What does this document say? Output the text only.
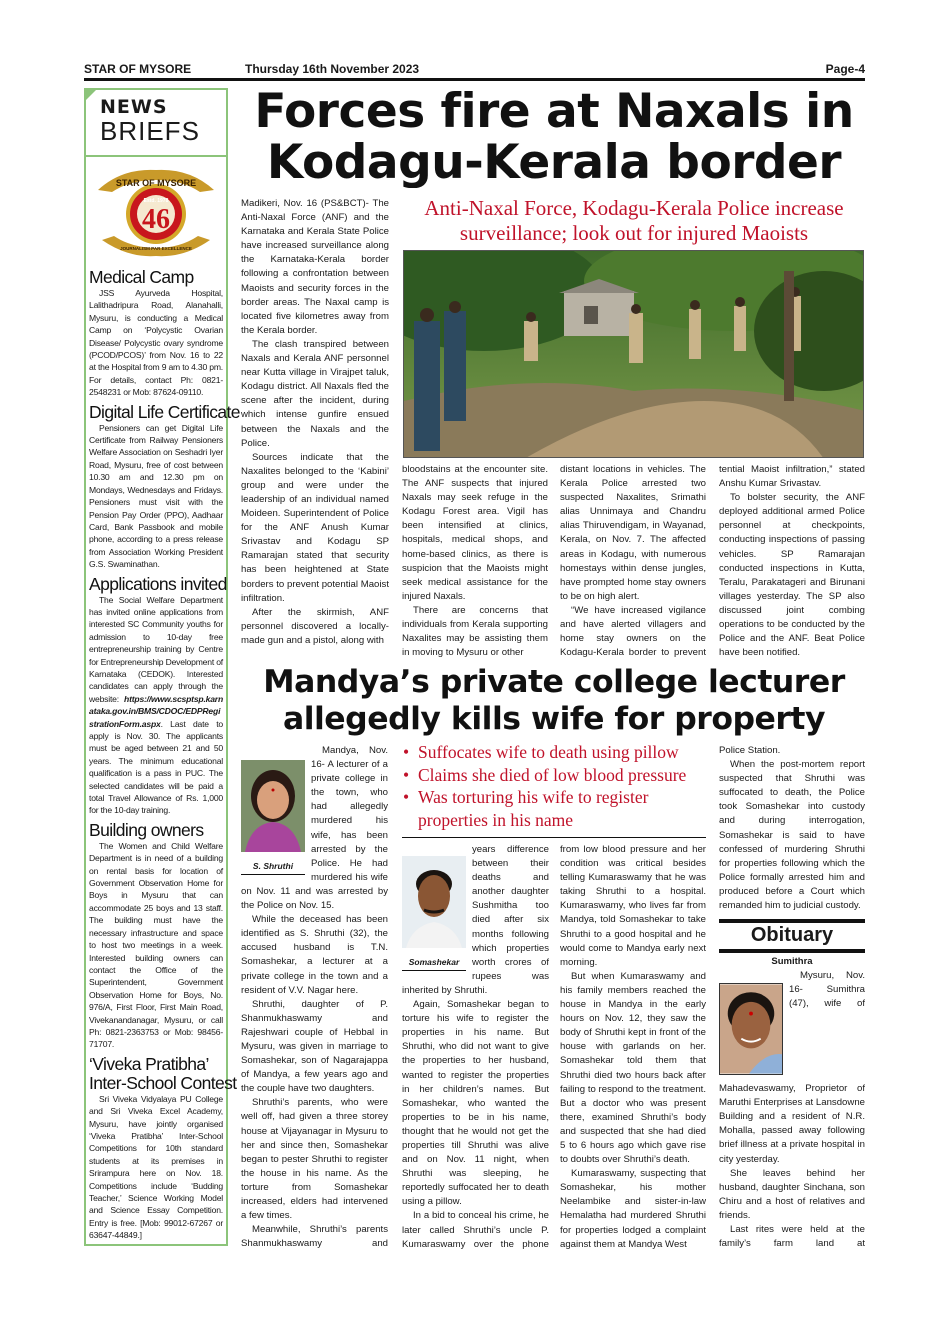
STAR OF MYSORE	Thursday 16th November 2023	Page-4
NEWS
BRIEFS
STAR OF MYSORE
Estd. 1978
46
JOURNALISM PAR EXCELLENCE
Medical Camp

JSS Ayurveda Hospital, Lalithadripura Road, Alanahalli, Mysuru, is conducting a Medical Camp on ‘Polycystic Ovarian Disease/ Polycystic ovary syndrome (PCOD/PCOS)’ from Nov. 16 to 22 at the Hospital from 9 am to 4.30 pm. For details, contact Ph: 0821-2548231 or Mob: 87624-09110.

Digital Life Certificate

Pensioners can get Digital Life Certificate from Railway Pensioners Welfare Association on Seshadri Iyer Road, Mysuru, free of cost between 10.30 am and 12.30 pm on Mondays, Wednesdays and Fridays. Pensioners must visit with the Pension Pay Order (PPO), Aadhaar Card, Bank Passbook and mobile phone, according to a press release from Association Working President G.S. Swaminathan.

Applications invited

The Social Welfare Department has invited online applications from interested SC Community youths for admission to 10-day free entrepreneurship training by Centre for Entrepreneurship Development of Karnataka (CEDOK). Interested candidates can apply through the website: https://www.scsptsp.karnataka.gov.in/BMS/CDOC/EDPRegistrationForm.aspx. Last date to apply is Nov. 30. The applicants must be aged between 21 and 50 years. The minimum educational qualification is a pass in PUC. The selected candidates will be paid a total Travel Allowance of Rs. 1,000 for the 10-day training.

Building owners

The Women and Child Welfare Department is in need of a building on rental basis for location of Government Observation Home for Boys in Mysuru that can accommodate 25 boys and 13 staff. The building must have the necessary infrastructure and space to host two meetings in a week. Interested building owners can contact the Office of the Superintendent, Government Observation Home for Boys, No. 976/A, First Floor, First Main Road, Vivekanandanagar, Mysuru, or call Ph: 0821-2363753 or Mob: 98456-71707.

‘Viveka Pratibha’
Inter-School Contest

Sri Viveka Vidyalaya PU College and Sri Viveka Excel Academy, Mysuru, have jointly organised ‘Viveka Pratibha’ Inter-School Competitions for 10th standard students at its premises in Srirampura here on Nov. 18. Competitions include ‘Budding Teacher,’ Science Working Model and Science Essay Competition. Entry is free. [Mob: 99012-67267 or 63647-44849.]

Forces fire at Naxals in
Kodagu-Kerala border
Anti-Naxal Force, Kodagu-Kerala Police increase
surveillance; look out for injured Maoists

Madikeri, Nov. 16 (PS&BCT)- The Anti-Naxal Force (ANF) and the Karnataka and Kerala State Police have increased surveillance along the Karnataka-Kerala border following a confrontation between Maoists and security forces in the border areas. The Naxal camp is located five kilometres away from the Kerala border.

The clash transpired between Naxals and Kerala ANF personnel near Kutta village in Virajpet taluk, Kodagu district. All Naxals fled the scene after the incident, during which intense gunfire ensued between the Naxals and the Police.

Sources indicate that the Naxalites belonged to the ‘Kabini’ group and were under the leadership of an individual named Moideen. Superintendent of Police for the ANF Anush Kumar Srivastav and Kodagu SP Ramarajan stated that security has been heightened at State borders to prevent potential Maoist infiltration.

After the skirmish, ANF personnel discovered a locally-made gun and a pistol, along with

bloodstains at the encounter site. The ANF suspects that injured Naxals may seek refuge in the Kodagu Forest area. Vigil has been intensified at clinics, hospitals, medical shops, and home-based clinics, as there is suspicion that the Maoists might seek medical assistance for the injured Naxals.

There are concerns that individuals from Kerala supporting Naxalites may be assisting them in moving to Mysuru or other

distant locations in vehicles. The Kerala Police arrested two suspected Naxalites, Srimathi alias Unnimaya and Chandru alias Thiruvendigam, in Wayanad, Kerala, on Nov. 7. The affected areas in Kodagu, with numerous homestays within dense jungles, have prompted home stay owners to be on high alert.

“We have increased vigilance and have alerted villagers and home stay owners on the Kodagu-Kerala border to prevent

tential Maoist infiltration,” stated Anshu Kumar Srivastav.

To bolster security, the ANF deployed additional armed Police personnel at checkpoints, conducting inspections of passing vehicles. SP Ramarajan conducted inspections in Kutta, Teralu, Parakatageri and Birunani villages yesterday. The SP also discussed joint combing operations to be conducted by the Police and the ANF. Beat Police have been notified.

Mandya’s private college lecturer
allegedly kills wife for property
S. Shruthi

Mandya, Nov. 16- A lecturer of a private college in the town, who had allegedly murdered his wife, has been arrested by the Police. He had murdered his wife on Nov. 11 and was arrested by the Police on Nov. 15.

While the deceased has been identified as S. Shruthi (32), the accused husband is T.N. Somashekar, a lecturer at a private college in the town and a resident of V.V. Nagar here.

Shruthi, daughter of P. Shanmukhaswamy and Rajeshwari couple of Hebbal in Mysuru, was given in marriage to Somashekar, son of Nagarajappa of Mandya, a few years ago and the couple have two daughters.

Shruthi’s parents, who were well off, had given a three storey house at Vijayanagar in Mysuru to her and since then, Somashekar began to pester Shruthi to register the house in his name. As the torture from Somashekar increased, elders had intervened a few times.

Meanwhile, Shruthi’s parents Shanmukhaswamy and

• Suffocates wife to death using pillow
• Claims she died of low blood pressure
• Was torturing his wife to register properties in his name
Somashekar

years difference between their deaths and another daughter Sushmitha too died after six months following which properties worth crores of rupees was inherited by Shruthi.

Again, Somashekar began to torture his wife to register the properties in his name. But Shruthi, who did not want to give the properties to her husband, wanted to register the properties in her children’s names. But Somashekar, who wanted the properties to be in his name, thought that he would not get the properties till Shruthi was alive and on Nov. 11 night, when Shruthi was sleeping, he reportedly suffocated her to death using a pillow.

In a bid to conceal his crime, he later called Shruthi’s uncle P. Kumaraswamy over the phone

from low blood pressure and her condition was critical besides telling Kumaraswamy that he was taking Shruthi to a hospital. Kumaraswamy, who lives far from Mandya, told Somashekar to take Shruthi to a good hospital and he would come to Mandya early next morning.

But when Kumaraswamy and his family members reached the house in Mandya in the early hours on Nov. 12, they saw the body of Shruthi kept in front of the house with garlands on her. Somashekar told them that Shruthi died two hours back after failing to respond to the treatment. But a doctor who was present there, examined Shruthi’s body and suspected that she had died 5 to 6 hours ago which gave rise to doubts over Shruthi’s death.

Kumaraswamy, suspecting that Somashekar, his mother Neelambike and sister-in-law Hemalatha had murdered Shruthi for properties lodged a complaint against them at Mandya West

Police Station.

When the post-mortem report suspected that Shruthi was suffocated to death, the Police took Somashekar into custody and during interrogation, Somashekar is said to have confessed of murdering Shruthi for properties following which the Police formally arrested him and produced before a Court which remanded him to judicial custody.

Obituary
Sumithra

Mysuru, Nov. 16- Sumithra (47), wife of Mahadevaswamy, Proprietor of Maruthi Enterprises at Lansdowne Building and a resident of N.R. Mohalla, passed away following brief illness at a private hospital in city yesterday.

She leaves behind her husband, daughter Sinchana, son Chiru and a host of relatives and friends.

Last rites were held at the family’s farm land at
